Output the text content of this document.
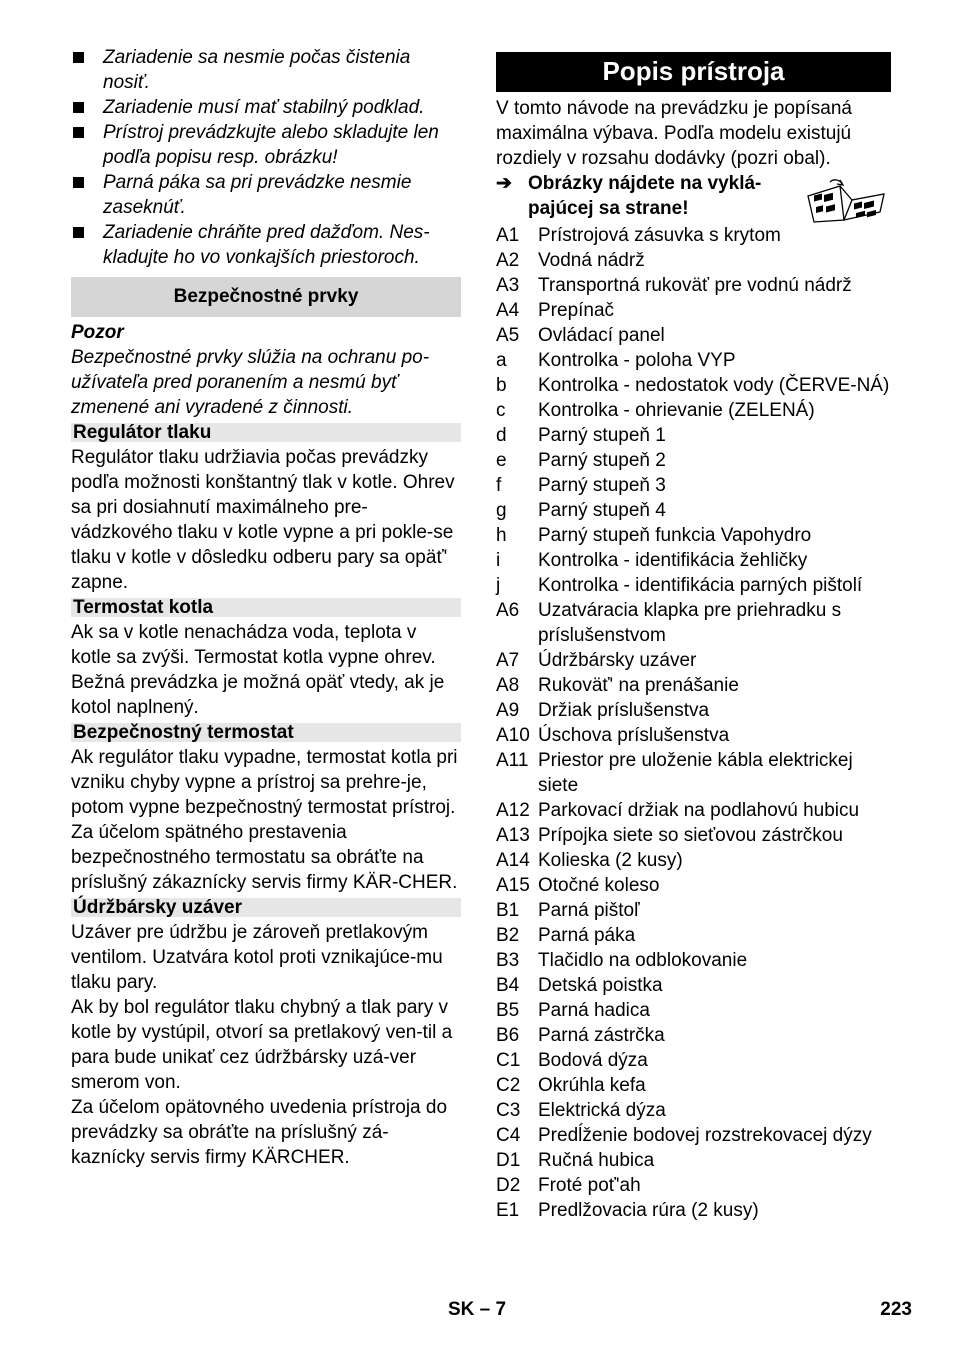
Zariadenie sa nesmie počas čistenia nosiť.
Zariadenie musí mať stabilný podklad.
Prístroj prevádzkujte alebo skladujte len podľa popisu resp. obrázku!
Parná páka sa pri prevádzke nesmie zaseknúť.
Zariadenie chráňte pred dažďom. Nes-kladujte ho vo vonkajších priestoroch.
Bezpečnostné prvky

Pozor

Bezpečnostné prvky slúžia na ochranu po-užívateľa pred poranením a nesmú byť zmenené ani vyradené z činnosti.

Regulátor tlaku

Regulátor tlaku udržiavia počas prevádzky podľa možnosti konštantný tlak v kotle. Ohrev sa pri dosiahnutí maximálneho pre-vádzkového tlaku v kotle vypne a pri pokle-se tlaku v kotle v dôsledku odberu pary sa opäť' zapne.

Termostat kotla

Ak sa v kotle nenachádza voda, teplota v kotle sa zvýši. Termostat kotla vypne ohrev. Bežná prevádzka je možná opäť vtedy, ak je kotol naplnený.

Bezpečnostný termostat

Ak regulátor tlaku vypadne, termostat kotla pri vzniku chyby vypne a prístroj sa prehre-je, potom vypne bezpečnostný termostat prístroj. Za účelom spätného prestavenia bezpečnostného termostatu sa obráťte na príslušný zákaznícky servis firmy KÄR-CHER.

Údržbársky uzáver

Uzáver pre údržbu je zároveň pretlakovým ventilom. Uzatvára kotol proti vznikajúce-mu tlaku pary.

Ak by bol regulátor tlaku chybný a tlak pary v kotle by vystúpil, otvorí sa pretlakový ven-til a para bude unikať cez údržbársky uzá-ver smerom von.

Za účelom opätovného uvedenia prístroja do prevádzky sa obráťte na príslušný zá-kaznícky servis firmy KÄRCHER.

Popis prístroja

V tomto návode na prevádzku je popísaná maximálna výbava. Podľa modelu existujú rozdiely v rozsahu dodávky (pozri obal).

➔ Obrázky nájdete na vyklá-pajúcej sa strane!
A1 Prístrojová zásuvka s krytom
A2 Vodná nádrž
A3 Transportná rukoväť pre vodnú nádrž
A4 Prepínač
A5 Ovládací panel
a	Kontrolka - poloha VYP
b	Kontrolka - nedostatok vody (ČERVE-NÁ)
c	Kontrolka - ohrievanie (ZELENÁ)
d	Parný stupeň 1
e	Parný stupeň 2
f	Parný stupeň 3
g	Parný stupeň 4
h	Parný stupeň funkcia Vapohydro
i	Kontrolka - identifikácia žehličky
j	Kontrolka - identifikácia parných pištolí
A6 Uzatváracia klapka pre priehradku s príslušenstvom
A7 Údržbársky uzáver
A8 Rukoväť' na prenášanie
A9 Držiak príslušenstva
A10 Úschova príslušenstva
A11 Priestor pre uloženie kábla elektrickej siete
A12 Parkovací držiak na podlahovú hubicu
A13 Prípojka siete so sieťovou zástrčkou
A14 Kolieska (2 kusy)
A15 Otočné koleso
B1 Parná pištoľ
B2 Parná páka
B3 Tlačidlo na odblokovanie
B4 Detská poistka
B5 Parná hadica
B6 Parná zástrčka
C1 Bodová dýza
C2 Okrúhla kefa
C3 Elektrická dýza
C4 Predĺženie bodovej rozstrekovacej dýzy
D1 Ručná hubica
D2 Froté poť'ah
E1 Predlžovacia rúra (2 kusy)
SK – 7	223
